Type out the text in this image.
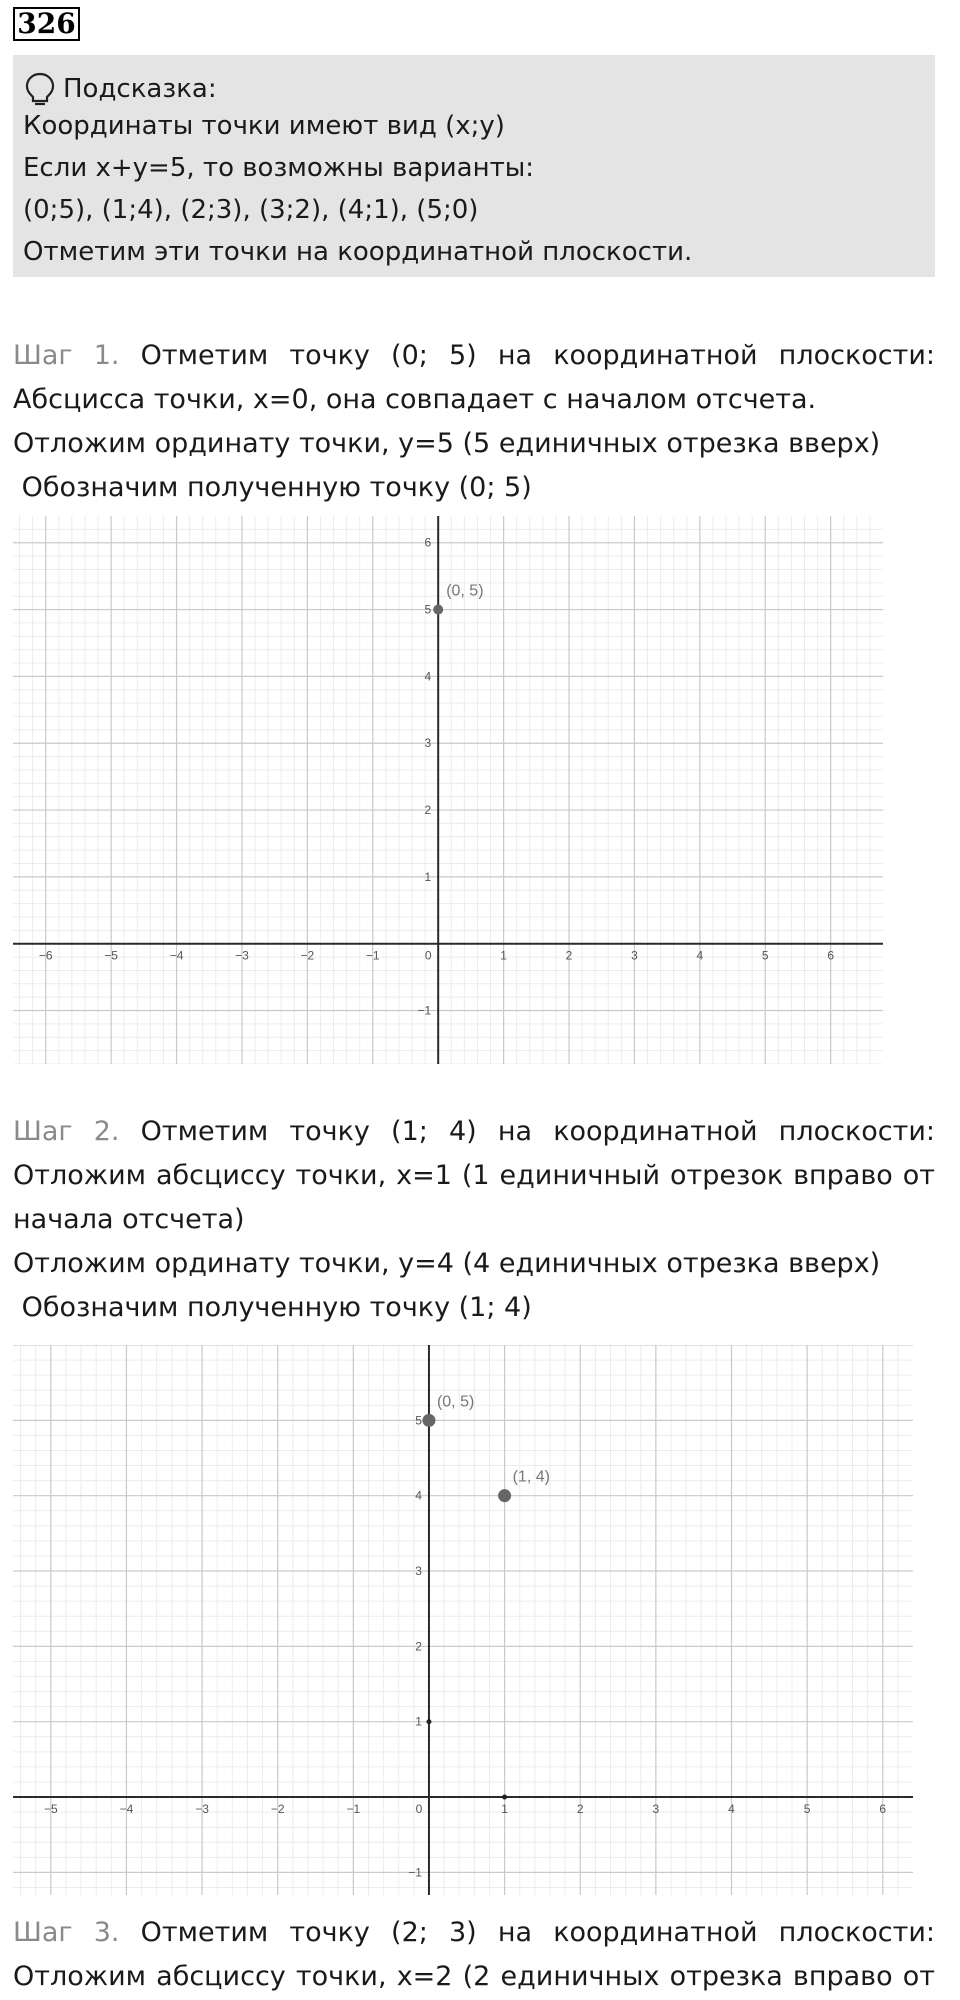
326
Подсказка:
Координаты точки имеют вид (x;y)
Если x+y=5, то возможны варианты:
(0;5), (1;4), (2;3), (3;2), (4;1), (5;0)
Отметим эти точки на координатной плоскости.
Шаг 1. Отметим точку (0; 5) на координатной плоскости:
Абсцисса точки, x=0, она совпадает с началом отсчета.
Отложим ординату точки, y=5 (5 единичных отрезка вверх)
Обозначим полученную точку (0; 5)
−6	−5	−4	−3	−2	−1	0	1	2	3	4	5	6
−1
1
2
3
4
5
6
(0, 5)
Шаг 2. Отметим точку (1; 4) на координатной плоскости:
Отложим абсциссу точки, x=1 (1 единичный отрезок вправо от
начала отсчета)
Отложим ординату точки, y=4 (4 единичных отрезка вверх)
Обозначим полученную точку (1; 4)
−5	−4	−3	−2	−1	0	1	2	3	4	5	6
−1
1
2
3
4
5
(0, 5)
(1, 4)
Шаг 3. Отметим точку (2; 3) на координатной плоскости:
Отложим абсциссу точки, x=2 (2 единичных отрезка вправо от
